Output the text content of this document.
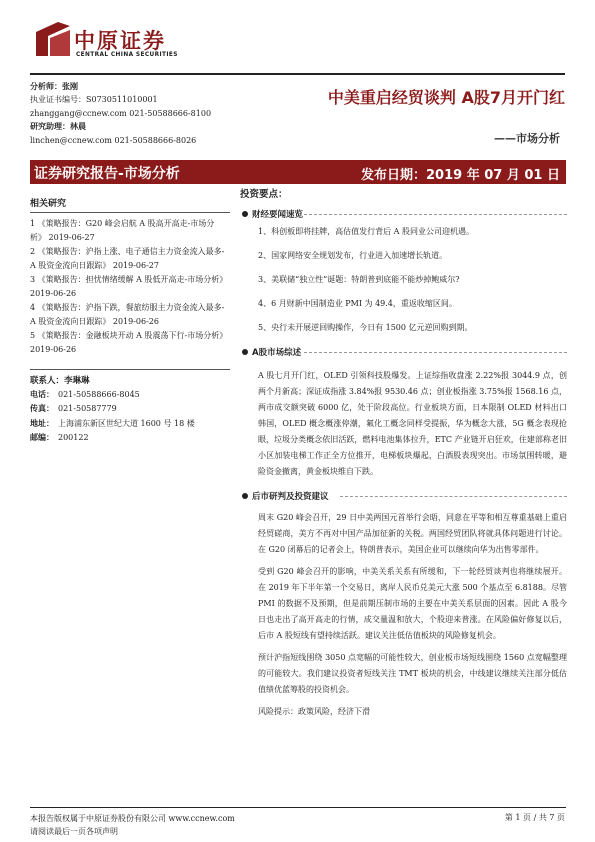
中原证券
CENTRAL CHINA SECURITIES
分析师：张刚
执业证书编号：S0730511010001
zhanggang@ccnew.com 021-50588666-8100
研究助理：林晨
linchen@ccnew.com 021-50588666-8026
中美重启经贸谈判 A股7月开门红
——市场分析
证券研究报告-市场分析	发布日期：2019 年 07 月 01 日
相关研究
1 《策略报告：G20 峰会启航 A 股高开高走-市场分析》 2019-06-27
2 《策略报告：沪指上涨、电子通信主力资金流入最多-A 股资金流向日跟踪》 2019-06-27
3 《策略报告：担忧情绪缓解 A 股低开高走-市场分析》 2019-06-26
4 《策略报告：沪指下跌，餐旅纺服主力资金流入最多-A 股资金流向日跟踪》 2019-06-26
5 《策略报告：金融板块开动 A 股震荡下行-市场分析》 2019-06-26
联系人：李琳琳
电话： 021-50588666-8045
传真： 021-50587779
地址： 上海浦东新区世纪大道 1600 号 18 楼
邮编： 200122
投资要点：
财经要闻速览
1、科创板即将挂牌，高估值发行背后 A 股同业公司迎机遇。
2、国家网络安全规划发布，行业进入加速增长轨道。
3、美联储“独立性”诞题：特朗普到底能不能炒掉鲍威尔?
4、6 月财新中国制造业 PMI 为 49.4，重返收缩区间。
5、央行未开展逆回购操作，今日有 1500 亿元逆回购到期。
A股市场综述

A 股七月开门红，OLED 引领科技股爆发。上证综指收盘涨 2.22%报 3044.9 点，创两个月新高；深证成指涨 3.84%报 9530.46 点；创业板指涨 3.75%报 1568.16 点，两市成交额突破 6000 亿，处于阶段高位。行业板块方面，日本限制 OLED 材料出口韩国，OLED 概念概涨停潮，氟化工概念同样受提振，华为概念大涨，5G 概念表现抢眼，垃圾分类概念依旧活跃，燃料电池集体拉升，ETC 产业链开启狂欢，住建部称老旧小区加装电梯工作正全方位推开，电梯板块爆起，白酒股表现突出。市场氛围转暖，避险资金撤离，黄金板块维自下跌。

后市研判及投资建议

周末 G20 峰会召开，29 日中美两国元首举行会晤，同意在平等和相互尊重基础上重启经贸磋商，美方不再对中国产品加征新的关税。两国经贸团队将就具体问题进行讨论。在 G20 闭幕后的记者会上，特朗普表示，美国企业可以继续向华为出售零部件。

受到 G20 峰会召开的影响，中美关系关系有所缓和，下一轮经贸谈判也将继续展开。在 2019 年下半年第一个交易日，离岸人民币兑美元大涨 500 个基点至 6.8188。尽管 PMI 的数据不及预期，但是前期压制市场的主要在中美关系层面的因素。因此 A 股今日也走出了高开高走的行情，成交量温和放大，个股迎来普涨。在风险偏好修复以后，后市 A 股短线有望持续活跃。建议关注低估值板块的风险修复机会。

预计沪指短线围绕 3050 点宽幅的可能性较大，创业板市场短线围绕 1560 点宽幅整理的可能较大。我们建议投资者短线关注 TMT 板块的机会，中线建议继续关注部分低估值绩优蓝筹股的投资机会。

风险提示：政策风险，经济下滑

本报告版权属于中原证券股份有限公司 www.ccnew.com
请阅读最后一页各项声明
第 1 页 / 共 7 页
